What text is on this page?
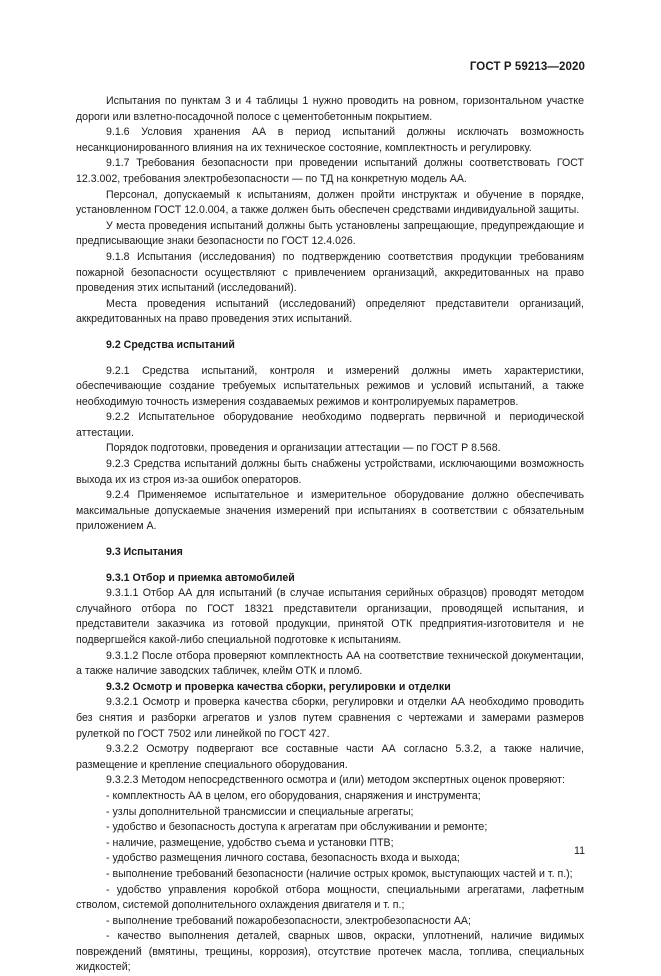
ГОСТ Р 59213—2020

Испытания по пунктам 3 и 4 таблицы 1 нужно проводить на ровном, горизонтальном участке дороги или взлетно-посадочной полосе с цементобетонным покрытием.

9.1.6 Условия хранения АА в период испытаний должны исключать возможность несанкционированного влияния на их техническое состояние, комплектность и регулировку.

9.1.7 Требования безопасности при проведении испытаний должны соответствовать ГОСТ 12.3.002, требования электробезопасности — по ТД на конкретную модель АА.

Персонал, допускаемый к испытаниям, должен пройти инструктаж и обучение в порядке, установленном ГОСТ 12.0.004, а также должен быть обеспечен средствами индивидуальной защиты.

У места проведения испытаний должны быть установлены запрещающие, предупреждающие и предписывающие знаки безопасности по ГОСТ 12.4.026.

9.1.8 Испытания (исследования) по подтверждению соответствия продукции требованиям пожарной безопасности осуществляют с привлечением организаций, аккредитованных на право проведения этих испытаний (исследований).

Места проведения испытаний (исследований) определяют представители организаций, аккредитованных на право проведения этих испытаний.

9.2 Средства испытаний

9.2.1 Средства испытаний, контроля и измерений должны иметь характеристики, обеспечивающие создание требуемых испытательных режимов и условий испытаний, а также необходимую точность измерения создаваемых режимов и контролируемых параметров.

9.2.2 Испытательное оборудование необходимо подвергать первичной и периодической аттестации.

Порядок подготовки, проведения и организации аттестации — по ГОСТ Р 8.568.

9.2.3 Средства испытаний должны быть снабжены устройствами, исключающими возможность выхода их из строя из-за ошибок операторов.

9.2.4 Применяемое испытательное и измерительное оборудование должно обеспечивать максимальные допускаемые значения измерений при испытаниях в соответствии с обязательным приложением А.

9.3 Испытания

9.3.1 Отбор и приемка автомобилей

9.3.1.1 Отбор АА для испытаний (в случае испытания серийных образцов) проводят методом случайного отбора по ГОСТ 18321 представители организации, проводящей испытания, и представители заказчика из готовой продукции, принятой ОТК предприятия-изготовителя и не подвергшейся какой-либо специальной подготовке к испытаниям.

9.3.1.2 После отбора проверяют комплектность АА на соответствие технической документации, а также наличие заводских табличек, клейм ОТК и пломб.

9.3.2 Осмотр и проверка качества сборки, регулировки и отделки

9.3.2.1 Осмотр и проверка качества сборки, регулировки и отделки АА необходимо проводить без снятия и разборки агрегатов и узлов путем сравнения с чертежами и замерами размеров рулеткой по ГОСТ 7502 или линейкой по ГОСТ 427.

9.3.2.2 Осмотру подвергают все составные части АА согласно 5.3.2, а также наличие, размещение и крепление специального оборудования.

9.3.2.3 Методом непосредственного осмотра и (или) методом экспертных оценок проверяют:

- комплектность АА в целом, его оборудования, снаряжения и инструмента;

- узлы дополнительной трансмиссии и специальные агрегаты;

- удобство и безопасность доступа к агрегатам при обслуживании и ремонте;

- наличие, размещение, удобство съема и установки ПТВ;

- удобство размещения личного состава, безопасность входа и выхода;

- выполнение требований безопасности (наличие острых кромок, выступающих частей и т. п.);

- удобство управления коробкой отбора мощности, специальными агрегатами, лафетным стволом, системой дополнительного охлаждения двигателя и т. п.;

- выполнение требований пожаробезопасности, электробезопасности АА;

- качество выполнения деталей, сварных швов, окраски, уплотнений, наличие видимых повреждений (вмятины, трещины, коррозия), отсутствие протечек масла, топлива, специальных жидкостей;

11
